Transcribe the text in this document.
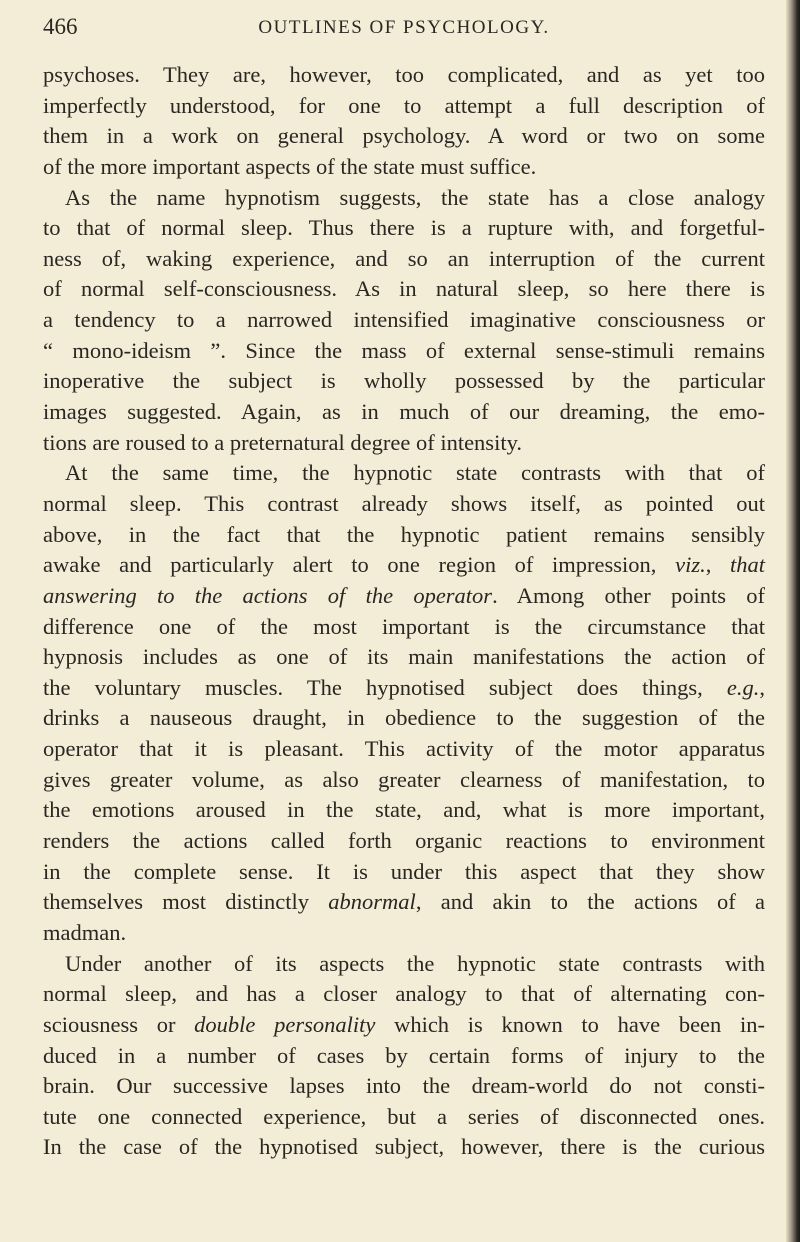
466	OUTLINES OF PSYCHOLOGY.
psychoses. They are, however, too complicated, and as yet too
imperfectly understood, for one to attempt a full description of
them in a work on general psychology. A word or two on some
of the more important aspects of the state must suffice.
As the name hypnotism suggests, the state has a close analogy
to that of normal sleep. Thus there is a rupture with, and forgetful-
ness of, waking experience, and so an interruption of the current
of normal self-consciousness. As in natural sleep, so here there is
a tendency to a narrowed intensified imaginative consciousness or
“ mono-ideism ”. Since the mass of external sense-stimuli remains
inoperative the subject is wholly possessed by the particular
images suggested. Again, as in much of our dreaming, the emo-
tions are roused to a preternatural degree of intensity.
At the same time, the hypnotic state contrasts with that of
normal sleep. This contrast already shows itself, as pointed out
above, in the fact that the hypnotic patient remains sensibly
awake and particularly alert to one region of impression, viz., that
answering to the actions of the operator. Among other points of
difference one of the most important is the circumstance that
hypnosis includes as one of its main manifestations the action of
the voluntary muscles. The hypnotised subject does things, e.g.,
drinks a nauseous draught, in obedience to the suggestion of the
operator that it is pleasant. This activity of the motor apparatus
gives greater volume, as also greater clearness of manifestation, to
the emotions aroused in the state, and, what is more important,
renders the actions called forth organic reactions to environment
in the complete sense. It is under this aspect that they show
themselves most distinctly abnormal, and akin to the actions of a
madman.
Under another of its aspects the hypnotic state contrasts with
normal sleep, and has a closer analogy to that of alternating con-
sciousness or double personality which is known to have been in-
duced in a number of cases by certain forms of injury to the
brain. Our successive lapses into the dream-world do not consti-
tute one connected experience, but a series of disconnected ones.
In the case of the hypnotised subject, however, there is the curious
